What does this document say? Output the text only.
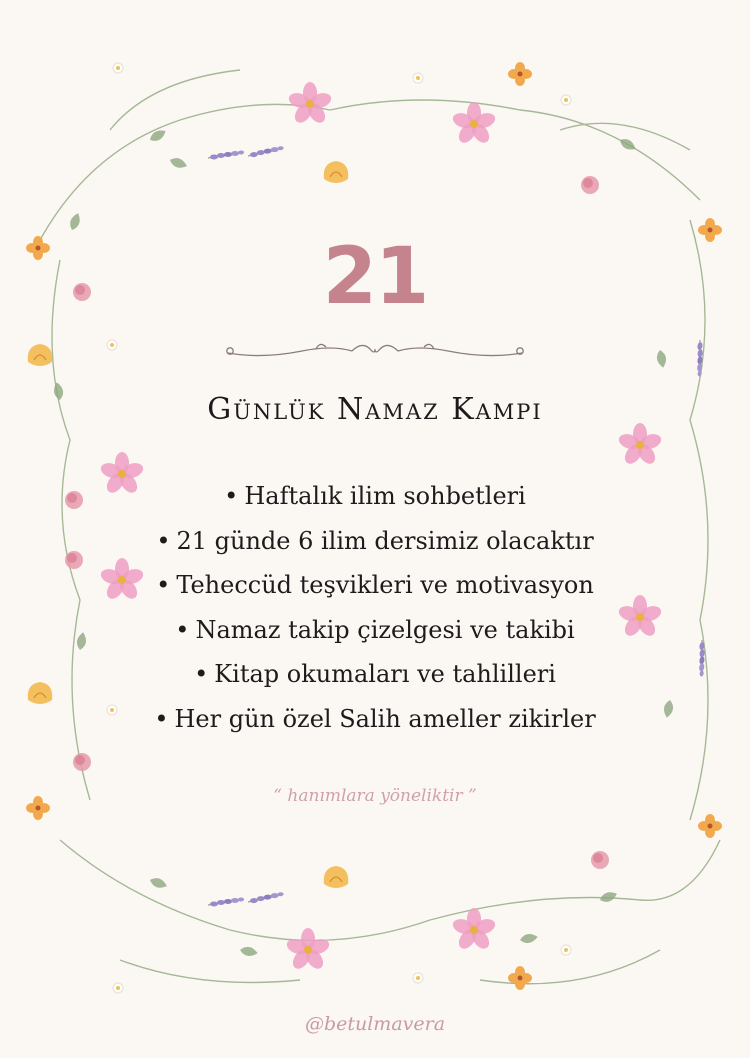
21
Günlük Namaz Kampı
• Haftalık ilim sohbetleri
• 21 günde 6 ilim dersimiz olacaktır
• Teheccüd teşvikleri ve motivasyon
• Namaz takip çizelgesi ve takibi
• Kitap okumaları ve tahlilleri
• Her gün özel Salih ameller zikirler
“ hanımlara yöneliktir ”
@betulmavera
